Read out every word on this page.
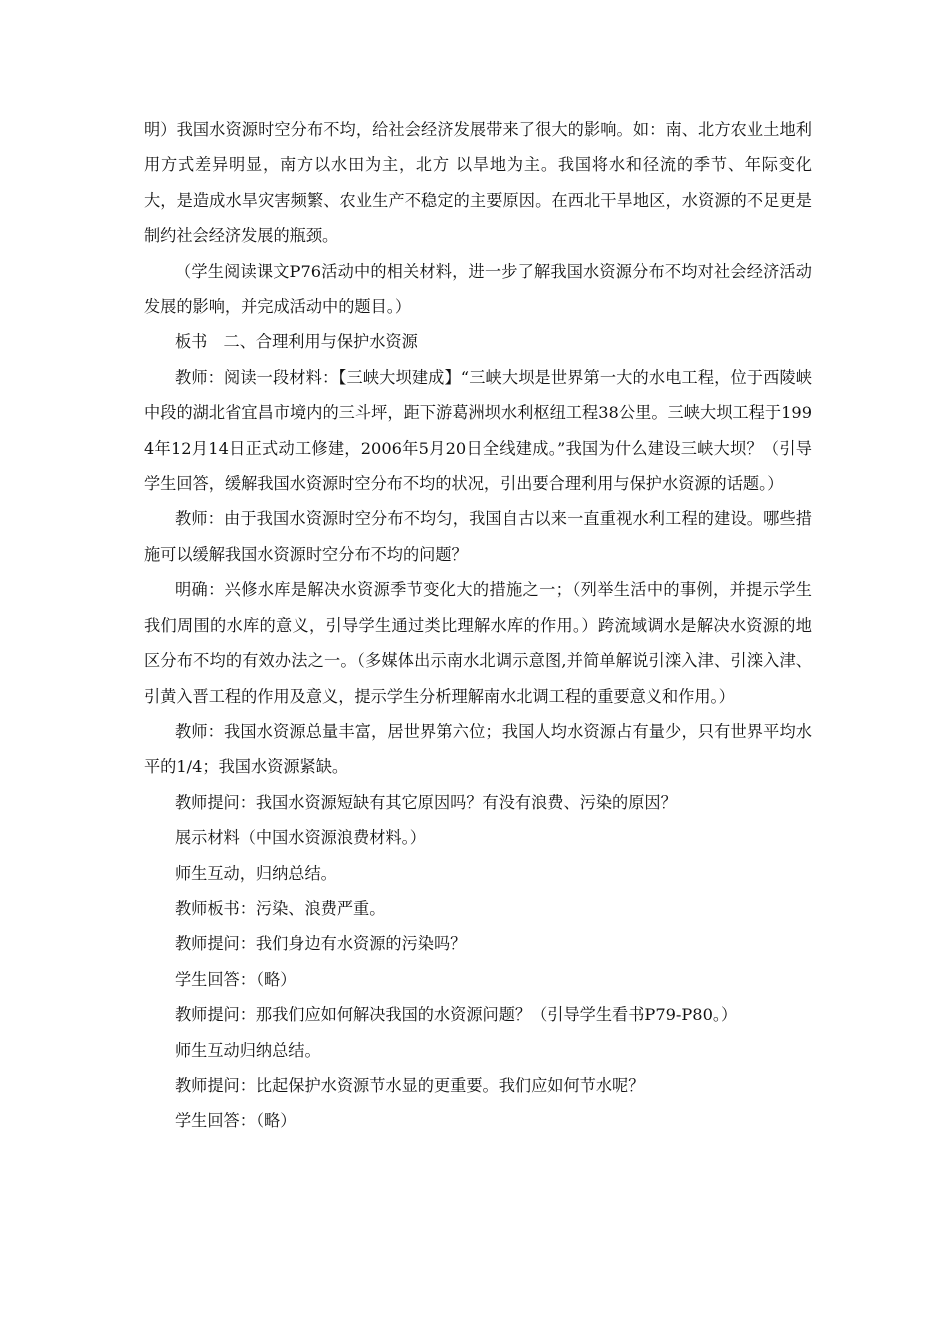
明）我国水资源时空分布不均，给社会经济发展带来了很大的影响。如：南、北方农业土地利用方式差异明显，南方以水田为主，北方 以旱地为主。我国将水和径流的季节、年际变化大，是造成水旱灾害频繁、农业生产不稳定的主要原因。在西北干旱地区，水资源的不足更是制约社会经济发展的瓶颈。

（学生阅读课文P76活动中的相关材料，进一步了解我国水资源分布不均对社会经济活动发展的影响，并完成活动中的题目。）

板书　二、合理利用与保护水资源

教师：阅读一段材料：【三峡大坝建成】“三峡大坝是世界第一大的水电工程，位于西陵峡中段的湖北省宜昌市境内的三斗坪，距下游葛洲坝水利枢纽工程38公里。三峡大坝工程于1994年12月14日正式动工修建，2006年5月20日全线建成。”我国为什么建设三峡大坝？（引导学生回答，缓解我国水资源时空分布不均的状况，引出要合理利用与保护水资源的话题。）

教师：由于我国水资源时空分布不均匀，我国自古以来一直重视水利工程的建设。哪些措施可以缓解我国水资源时空分布不均的问题？

明确：兴修水库是解决水资源季节变化大的措施之一；（列举生活中的事例，并提示学生我们周围的水库的意义，引导学生通过类比理解水库的作用。）跨流域调水是解决水资源的地区分布不均的有效办法之一。（多媒体出示南水北调示意图,并简单解说引滦入津、引滦入津、引黄入晋工程的作用及意义，提示学生分析理解南水北调工程的重要意义和作用。）

教师：我国水资源总量丰富，居世界第六位；我国人均水资源占有量少，只有世界平均水平的1/4；我国水资源紧缺。

教师提问：我国水资源短缺有其它原因吗？有没有浪费、污染的原因？

展示材料（中国水资源浪费材料。）

师生互动，归纳总结。

教师板书：污染、浪费严重。

教师提问：我们身边有水资源的污染吗？

学生回答：（略）

教师提问：那我们应如何解决我国的水资源问题？（引导学生看书P79-P80。）

师生互动归纳总结。

教师提问：比起保护水资源节水显的更重要。我们应如何节水呢？

学生回答：（略）
